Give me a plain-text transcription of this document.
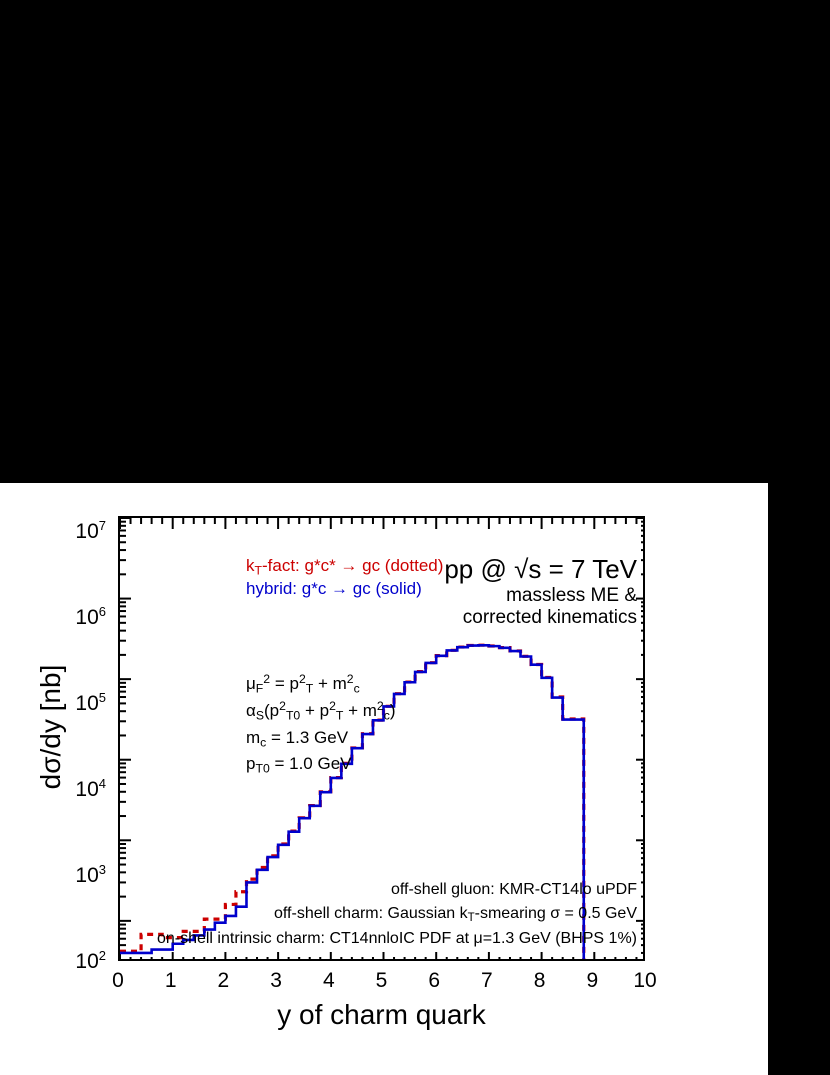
dσ/dy [nb]
$10^2$
$10^3$
$10^4$
$10^5$
$10^6$
$10^7$
0 1 2 3 4 5 6 7 8 9 10
y of charm quark
$k_T$-fact: g*c* → gc (dotted)
hybrid: g*c → gc (solid)
pp @ √s = 7 TeV
massless ME &
corrected kinematics
$\mu_F^2 = p^2_T + m^2_c$
$\alpha_S(p^2_{T0} + p^2_T + m^2_c)$
$m_c = 1.3$ GeV
$p_{T0} = 1.0$ GeV
off-shell gluon: KMR-CT14lo uPDF
off-shell charm: Gaussian $k_T$-smearing σ = 0.5 GeV
on-shell intrinsic charm: CT14nnloIC PDF at μ=1.3 GeV (BHPS 1%)
